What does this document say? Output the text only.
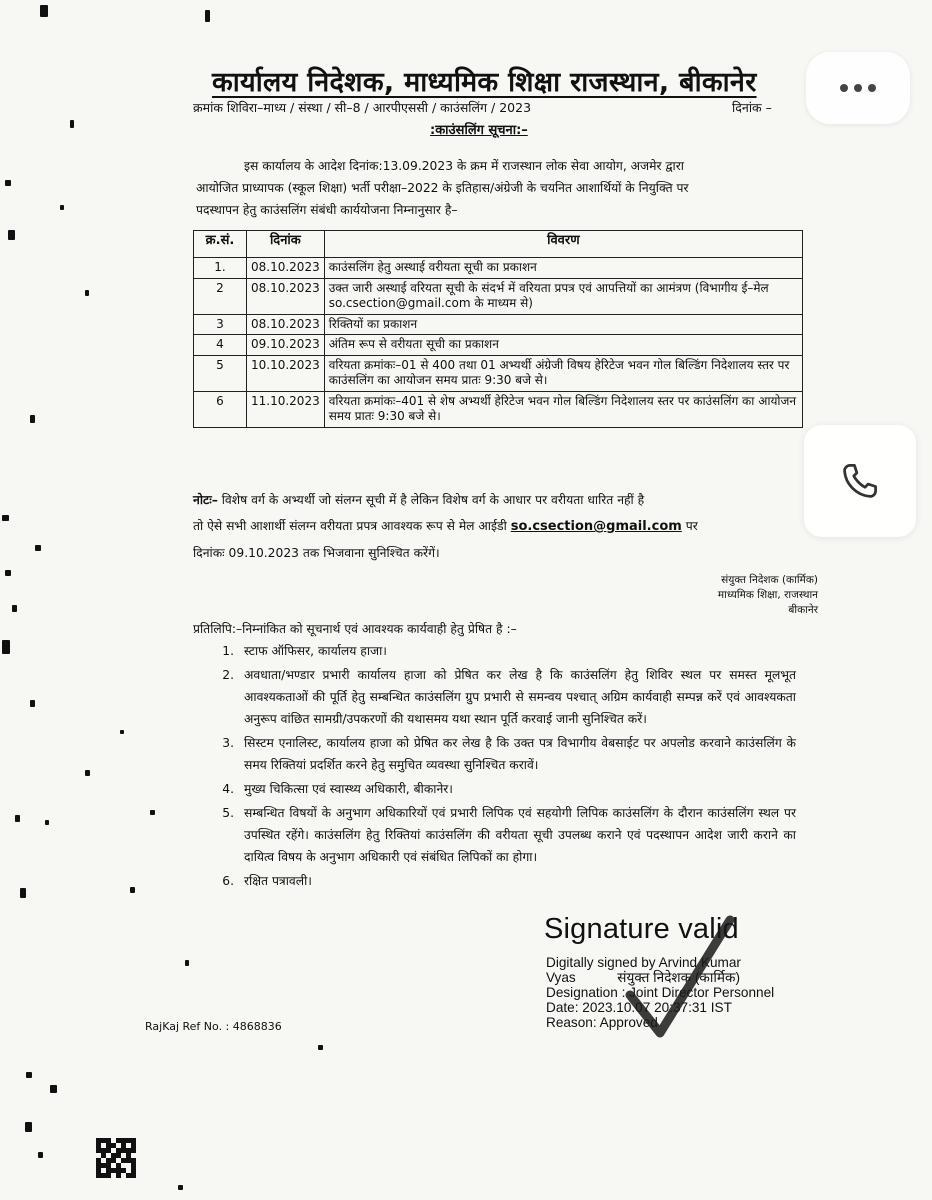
कार्यालय निदेशक, माध्यमिक शिक्षा राजस्थान, बीकानेर
क्रमांक शिविरा–माध्य / संस्था / सी–8 / आरपीएससी / काउंसलिंग / 2023	दिनांक –
:काउंसलिंग सूचना:–
इस कार्यालय के आदेश दिनांक:13.09.2023 के क्रम में राजस्थान लोक सेवा आयोग, अजमेर द्वारा
आयोजित प्राध्यापक (स्कूल शिक्षा) भर्ती परीक्षा–2022 के इतिहास/अंग्रेजी के चयनित आशार्थियों के नियुक्ति पर
पदस्थापन हेतु काउंसलिंग संबंधी कार्ययोजना निम्नानुसार है–
क्र.सं.	दिनांक	विवरण
1.	08.10.2023	काउंसलिंग हेतु अस्थाई वरीयता सूची का प्रकाशन
2	08.10.2023	उक्त जारी अस्थाई वरियता सूची के संदर्भ में वरियता प्रपत्र एवं आपत्तियों का आमंत्रण (विभागीय ई–मेल so.csection@gmail.com के माध्यम से)
3	08.10.2023	रिक्तियों का प्रकाशन
4	09.10.2023	अंतिम रूप से वरीयता सूची का प्रकाशन
5	10.10.2023	वरियता क्रमांकः–01 से 400 तथा 01 अभ्यर्थी अंग्रेजी विषय हेरिटेज भवन गोल बिल्डिंग निदेशालय स्तर पर काउंसलिंग का आयोजन समय प्रातः 9:30 बजे से।
6	11.10.2023	वरियता क्रमांकः–401 से शेष अभ्यर्थी हेरिटेज भवन गोल बिल्डिंग निदेशालय स्तर पर काउंसलिंग का आयोजन समय प्रातः 9:30 बजे से।
नोटः– विशेष वर्ग के अभ्यर्थी जो संलग्न सूची में है लेकिन विशेष वर्ग के आधार पर वरीयता धारित नहीं है
तो ऐसे सभी आशार्थी संलग्न वरीयता प्रपत्र आवश्यक रूप से मेल आईडी so.csection@gmail.com पर
दिनांकः 09.10.2023 तक भिजवाना सुनिश्चित करेंगें।
संयुक्त निदेशक (कार्मिक)
माध्यमिक शिक्षा, राजस्थान
बीकानेर
प्रतिलिपि:–निम्नांकित को सूचनार्थ एवं आवश्यक कार्यवाही हेतु प्रेषित है :–
1. स्टाफ ऑफिसर, कार्यालय हाजा।
2. अवधाता/भण्डार प्रभारी कार्यालय हाजा को प्रेषित कर लेख है कि काउंसलिंग हेतु शिविर स्थल पर समस्त मूलभूत आवश्यकताओं की पूर्ति हेतु सम्बन्धित काउंसलिंग ग्रुप प्रभारी से समन्वय पश्चात् अग्रिम कार्यवाही सम्पन्न करें एवं आवश्यकता अनुरूप वांछित सामग्री/उपकरणों की यथासमय यथा स्थान पूर्ति करवाई जानी सुनिश्चित करें।
3. सिस्टम एनालिस्ट, कार्यालय हाजा को प्रेषित कर लेख है कि उक्त पत्र विभागीय वेबसाईट पर अपलोड करवाने काउंसलिंग के समय रिक्तियां प्रदर्शित करने हेतु समुचित व्यवस्था सुनिश्चित करावें।
4. मुख्य चिकित्सा एवं स्वास्थ्य अधिकारी, बीकानेर।
5. सम्बन्धित विषयों के अनुभाग अधिकारियों एवं प्रभारी लिपिक एवं सहयोगी लिपिक काउंसलिंग के दौरान काउंसलिंग स्थल पर उपस्थित रहेंगे। काउंसलिंग हेतु रिक्तियां काउंसलिंग की वरीयता सूची उपलब्ध कराने एवं पदस्थापन आदेश जारी कराने का दायित्व विषय के अनुभाग अधिकारी एवं संबंधित लिपिकों का होगा।
6. रक्षित पत्रावली।
Signature valid
Digitally signed by Arvind Kumar
Vyas           संयुक्त निदेशक (कार्मिक)
Designation : Joint Director Personnel
Date: 2023.10.07 20:37:31 IST
Reason: Approved
RajKaj Ref No. : 4868836
